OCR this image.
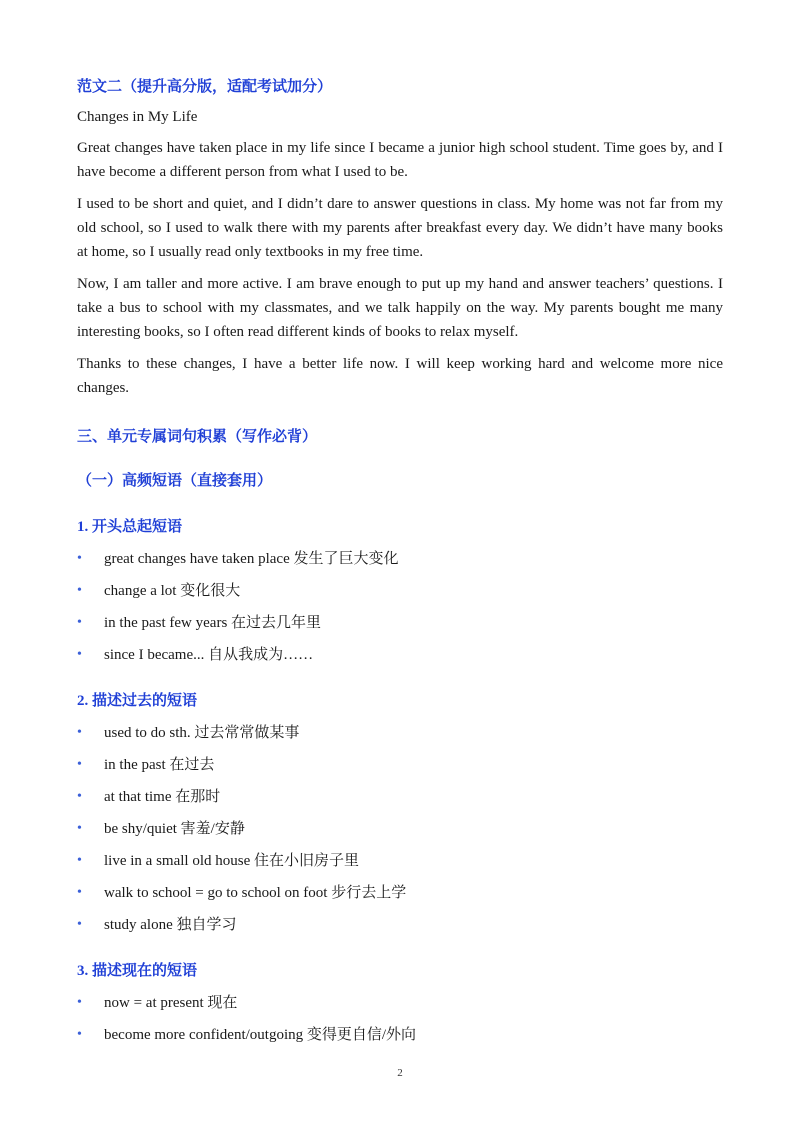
范文二（提升高分版，适配考试加分）

Changes in My Life

Great changes have taken place in my life since I became a junior high school student. Time goes by, and I have become a different person from what I used to be.

I used to be short and quiet, and I didn’t dare to answer questions in class. My home was not far from my old school, so I used to walk there with my parents after breakfast every day. We didn’t have many books at home, so I usually read only textbooks in my free time.

Now, I am taller and more active. I am brave enough to put up my hand and answer teachers’ questions. I take a bus to school with my classmates, and we talk happily on the way. My parents bought me many interesting books, so I often read different kinds of books to relax myself.

Thanks to these changes, I have a better life now. I will keep working hard and welcome more nice changes.

三、单元专属词句积累（写作必背）

（一）高频短语（直接套用）

1. 开头总起短语

• great changes have taken place 发生了巨大变化
• change a lot 变化很大
• in the past few years 在过去几年里
• since I became... 自从我成为……

2. 描述过去的短语

• used to do sth. 过去常常做某事
• in the past 在过去
• at that time 在那时
• be shy/quiet 害羞/安静
• live in a small old house 住在小旧房子里
• walk to school = go to school on foot 步行去上学
• study alone 独自学习

3. 描述现在的短语

• now = at present 现在
• become more confident/outgoing 变得更自信/外向
2
